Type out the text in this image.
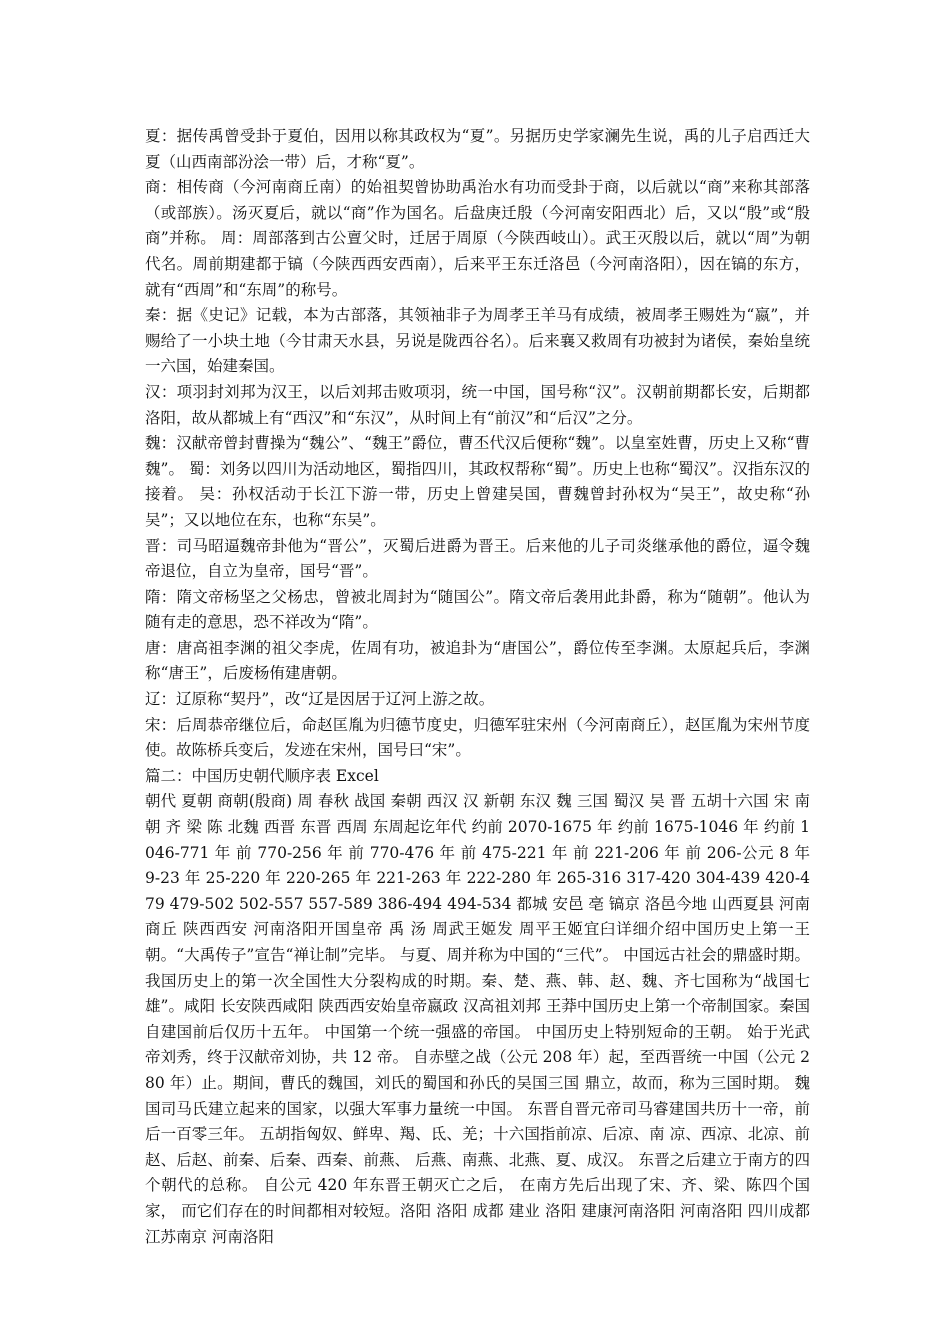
夏：据传禹曾受卦于夏伯，因用以称其政权为“夏”。另据历史学家澜先生说，禹的儿子启西迁大夏（山西南部汾浍一带）后，才称“夏”。

商：相传商（今河南商丘南）的始祖契曾协助禹治水有功而受卦于商，以后就以“商”来称其部落（或部族）。汤灭夏后，就以“商”作为国名。后盘庚迁殷（今河南安阳西北）后，又以“殷”或“殷商”并称。 周：周部落到古公亶父时，迁居于周原（今陕西岐山）。武王灭殷以后，就以“周”为朝代名。周前期建都于镐（今陕西西安西南），后来平王东迁洛邑（今河南洛阳），因在镐的东方，就有“西周”和“东周”的称号。

秦：据《史记》记载，本为古部落，其领袖非子为周孝王羊马有成绩，被周孝王赐姓为“嬴”，并赐给了一小块土地（今甘肃天水县，另说是陇西谷名）。后来襄又救周有功被封为诸侯，秦始皇统一六国，始建秦国。

汉：项羽封刘邦为汉王，以后刘邦击败项羽，统一中国，国号称“汉”。汉朝前期都长安，后期都洛阳，故从都城上有“西汉”和“东汉”，从时间上有“前汉”和“后汉”之分。

魏：汉献帝曾封曹操为“魏公”、“魏王”爵位，曹丕代汉后便称“魏”。以皇室姓曹，历史上又称“曹魏”。 蜀：刘务以四川为活动地区，蜀指四川，其政权帮称“蜀”。历史上也称“蜀汉”。汉指东汉的接着。 吴：孙权活动于长江下游一带，历史上曾建吴国，曹魏曾封孙权为“吴王”，故史称“孙吴”；又以地位在东，也称“东吴”。

晋：司马昭逼魏帝卦他为“晋公”，灭蜀后进爵为晋王。后来他的儿子司炎继承他的爵位，逼令魏帝退位，自立为皇帝，国号“晋”。

隋：隋文帝杨坚之父杨忠，曾被北周封为“随国公”。隋文帝后袭用此卦爵，称为“随朝”。他认为随有走的意思，恐不祥改为“隋”。

唐：唐高祖李渊的祖父李虎，佐周有功，被追卦为“唐国公”，爵位传至李渊。太原起兵后，李渊称“唐王”，后废杨侑建唐朝。

辽：辽原称“契丹”，改“辽是因居于辽河上游之故。

宋：后周恭帝继位后，命赵匡胤为归德节度史，归德军驻宋州（今河南商丘），赵匡胤为宋州节度使。故陈桥兵变后，发迹在宋州，国号曰“宋”。

篇二：中国历史朝代顺序表 Excel

朝代 夏朝 商朝(殷商) 周 春秋 战国 秦朝 西汉 汉 新朝 东汉 魏 三国 蜀汉 吴 晋 五胡十六国 宋 南朝 齐 梁 陈 北魏 西晋 东晋 西周 东周起讫年代 约前 2070-1675 年 约前 1675-1046 年 约前 1046-771 年 前 770-256 年 前 770-476 年 前 475-221 年 前 221-206 年 前 206-公元 8 年 9-23 年 25-220 年 220-265 年 221-263 年 222-280 年 265-316 317-420 304-439 420-479 479-502 502-557 557-589 386-494 494-534 都城 安邑 亳 镐京 洛邑今地 山西夏县 河南商丘 陕西西安 河南洛阳开国皇帝 禹 汤 周武王姬发 周平王姬宜臼详细介绍中国历史上第一王朝。“大禹传子”宣告“禅让制”完毕。 与夏、周并称为中国的“三代”。 中国远古社会的鼎盛时期。 我国历史上的第一次全国性大分裂构成的时期。秦、楚、燕、韩、赵、魏、齐七国称为“战国七雄”。咸阳 长安陕西咸阳 陕西西安始皇帝嬴政 汉高祖刘邦 王莽中国历史上第一个帝制国家。秦国自建国前后仅历十五年。 中国第一个统一强盛的帝国。 中国历史上特别短命的王朝。 始于光武帝刘秀，终于汉献帝刘协，共 12 帝。 自赤壁之战（公元 208 年）起，至西晋统一中国（公元 280 年）止。期间，曹氏的魏国，刘氏的蜀国和孙氏的吴国三国 鼎立，故而，称为三国时期。 魏国司马氏建立起来的国家，以强大军事力量统一中国。 东晋自晋元帝司马睿建国共历十一帝，前后一百零三年。 五胡指匈奴、鲜卑、羯、氐、羌；十六国指前凉、后凉、南 凉、西凉、北凉、前赵、后赵、前秦、后秦、西秦、前燕、 后燕、南燕、北燕、夏、成汉。 东晋之后建立于南方的四个朝代的总称。 自公元 420 年东晋王朝灭亡之后， 在南方先后出现了宋、齐、梁、陈四个国家， 而它们存在的时间都相对较短。洛阳 洛阳 成都 建业 洛阳 建康河南洛阳 河南洛阳 四川成都 江苏南京 河南洛阳
